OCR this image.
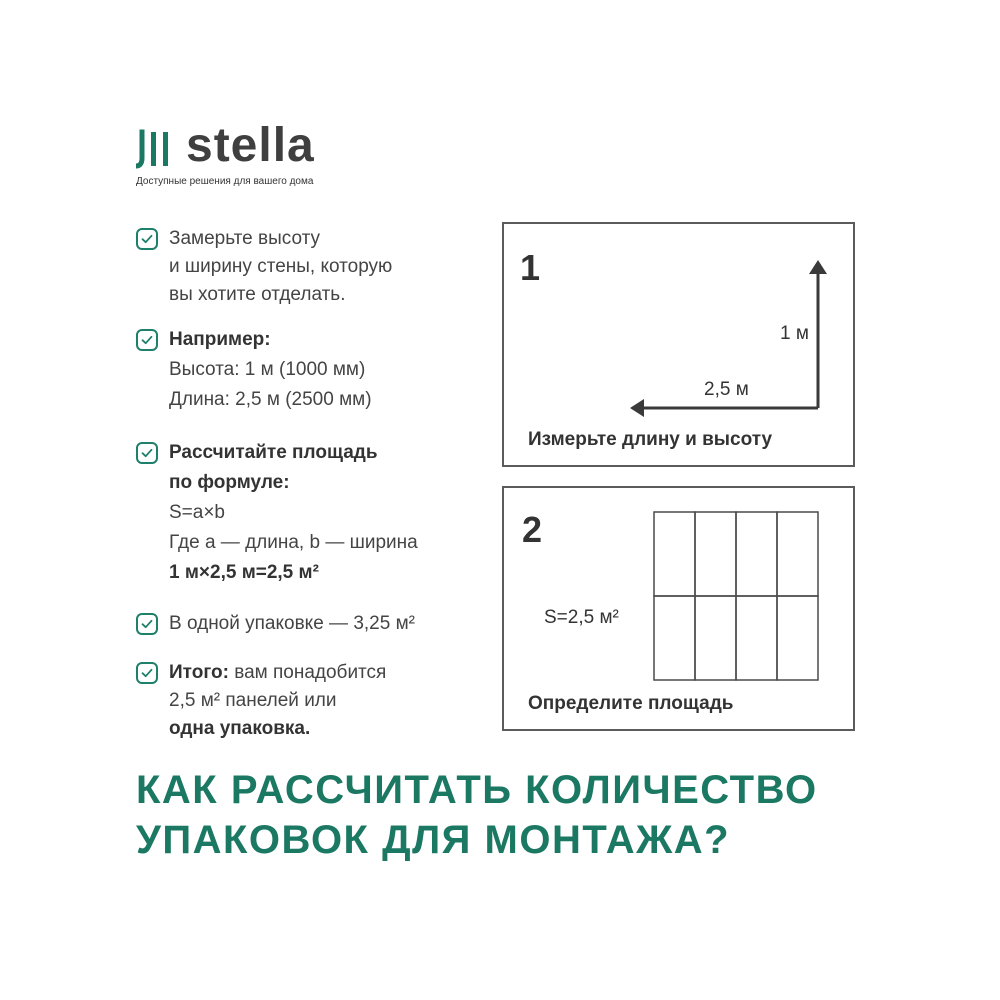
stella
Доступные решения для вашего дома
Замерьте высоту
и ширину стены, которую
вы хотите отделать.
Например:
Высота: 1 м (1000 мм)
Длина: 2,5 м (2500 мм)
Рассчитайте площадь
по формуле:
S=a×b
Где а — длина, b — ширина
1 м×2,5 м=2,5 м²
В одной упаковке — 3,25 м²
Итого: вам понадобится
2,5 м² панелей или
одна упаковка.
1
1 м
2,5 м
Измерьте длину и высоту
2
S=2,5 м²
Определите площадь
КАК РАССЧИТАТЬ КОЛИЧЕСТВО
УПАКОВОК ДЛЯ МОНТАЖА?
